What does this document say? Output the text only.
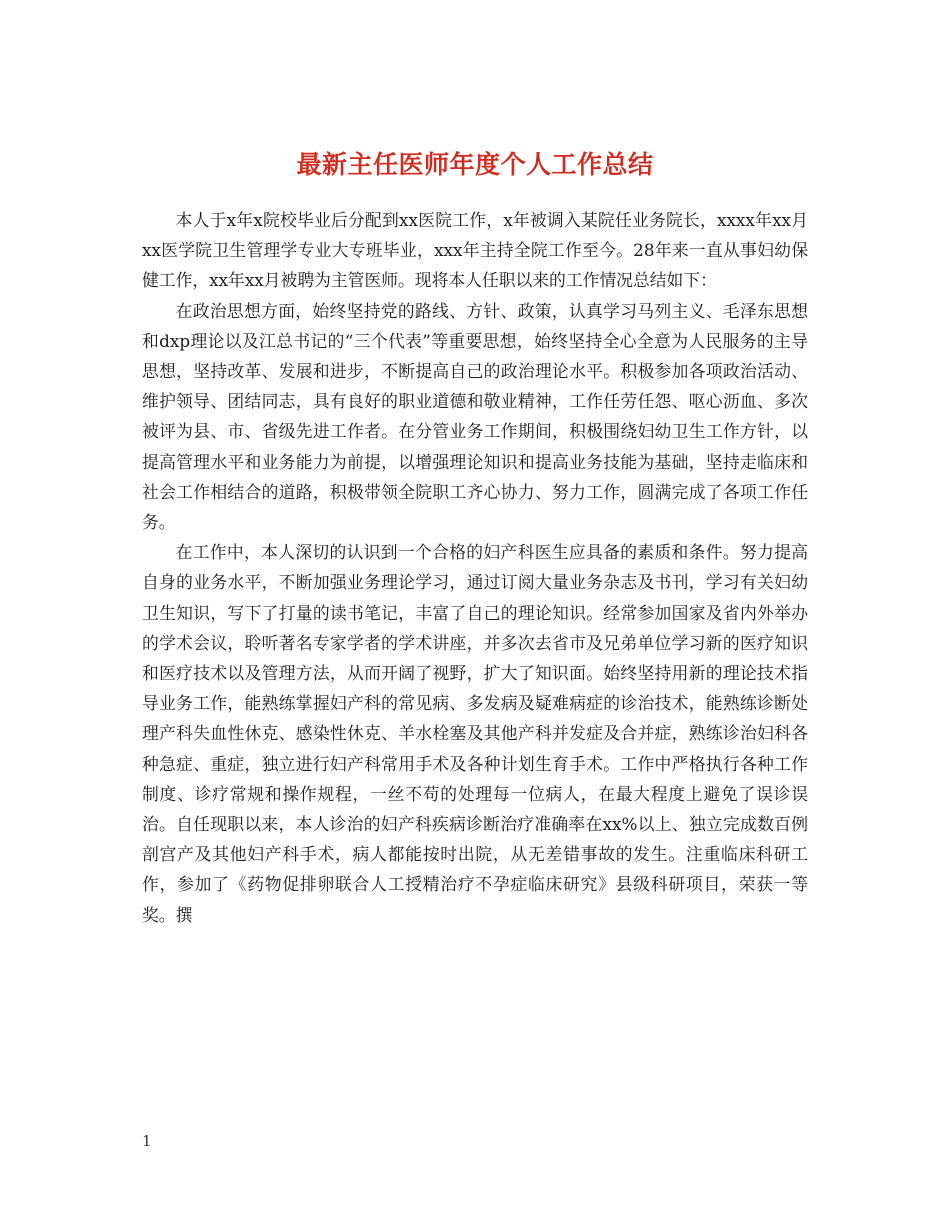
最新主任医师年度个人工作总结

本人于x年x院校毕业后分配到xx医院工作，x年被调入某院任业务院长，xxxx年xx月xx医学院卫生管理学专业大专班毕业，xxx年主持全院工作至今。28年来一直从事妇幼保健工作，xx年xx月被聘为主管医师。现将本人任职以来的工作情况总结如下：

在政治思想方面，始终坚持党的路线、方针、政策，认真学习马列主义、毛泽东思想和dxp理论以及江总书记的“三个代表”等重要思想，始终坚持全心全意为人民服务的主导思想，坚持改革、发展和进步，不断提高自己的政治理论水平。积极参加各项政治活动、维护领导、团结同志，具有良好的职业道德和敬业精神，工作任劳任怨、呕心沥血、多次被评为县、市、省级先进工作者。在分管业务工作期间，积极围绕妇幼卫生工作方针，以提高管理水平和业务能力为前提，以增强理论知识和提高业务技能为基础，坚持走临床和社会工作相结合的道路，积极带领全院职工齐心协力、努力工作，圆满完成了各项工作任务。

在工作中，本人深切的认识到一个合格的妇产科医生应具备的素质和条件。努力提高自身的业务水平，不断加强业务理论学习，通过订阅大量业务杂志及书刊，学习有关妇幼卫生知识，写下了打量的读书笔记，丰富了自己的理论知识。经常参加国家及省内外举办的学术会议，聆听著名专家学者的学术讲座，并多次去省市及兄弟单位学习新的医疗知识和医疗技术以及管理方法，从而开阔了视野，扩大了知识面。始终坚持用新的理论技术指导业务工作，能熟练掌握妇产科的常见病、多发病及疑难病症的诊治技术，能熟练诊断处理产科失血性休克、感染性休克、羊水栓塞及其他产科并发症及合并症，熟练诊治妇科各种急症、重症，独立进行妇产科常用手术及各种计划生育手术。工作中严格执行各种工作制度、诊疗常规和操作规程，一丝不苟的处理每一位病人，在最大程度上避免了误诊误治。自任现职以来，本人诊治的妇产科疾病诊断治疗准确率在xx%以上、独立完成数百例剖宫产及其他妇产科手术，病人都能按时出院，从无差错事故的发生。注重临床科研工作，参加了《药物促排卵联合人工授精治疗不孕症临床研究》县级科研项目，荣获一等奖。撰

1
